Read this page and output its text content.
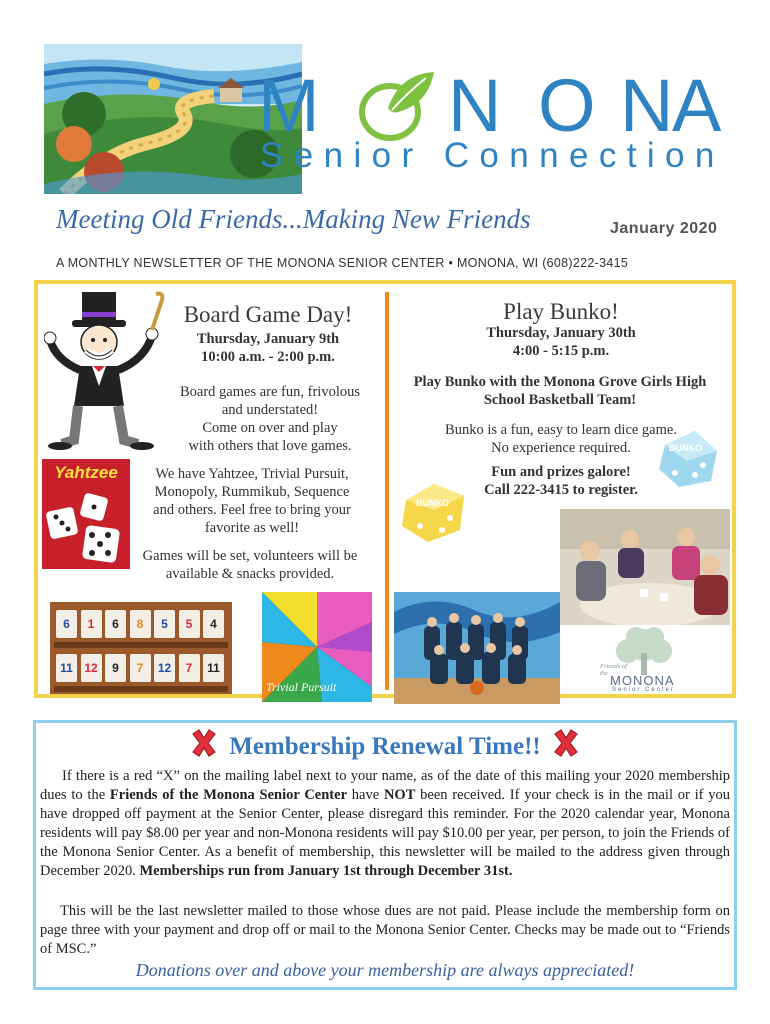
M N O N
A
Senior Connection
Meeting Old Friends...Making New Friends	January 2020
A MONTHLY NEWSLETTER OF THE MONONA SENIOR CENTER • MONONA, WI (608)222-3415
Board Game Day!
Thursday, January 9th
10:00 a.m. - 2:00 p.m.
Board games are fun, frivolous
and understated!
Come on over and play
with others that love games.
Yahtzee	We have Yahtzee, Trivial Pursuit,
Monopoly, Rummikub, Sequence
and others. Feel free to bring your
favorite as well!
Games will be set, volunteers will be
available & snacks provided.
6	1	6	8	5	5	4
11 12	9	7	12	7	11
Trivial Pursuit
Play Bunko!
Thursday, January 30th
4:00 - 5:15 p.m.
Play Bunko with the Monona Grove Girls High
School Basketball Team!
Bunko is a fun, easy to learn dice game.
No experience required.	BUNKO
Fun and prizes galore!
Call 222-3415 to register.
BUNKO
Friends of the MONONA
Senior Center
Membership Renewal Time!!
If there is a red “X” on the mailing label next to your name, as of the date of this mailing your 2020 membership dues to the Friends of the Monona Senior Center have NOT been received. If your check is in the mail or if you have dropped off payment at the Senior Center, please disregard this reminder. For the 2020 calendar year, Monona residents will pay $8.00 per year and non-Monona residents will pay $10.00 per year, per person, to join the Friends of the Monona Senior Center. As a benefit of membership, this newsletter will be mailed to the address given through December 2020. Memberships run from January 1st through December 31st.
This will be the last newsletter mailed to those whose dues are not paid. Please include the membership form on page three with your payment and drop off or mail to the Monona Senior Center. Checks may be made out to “Friends of MSC.”
Donations over and above your membership are always appreciated!
